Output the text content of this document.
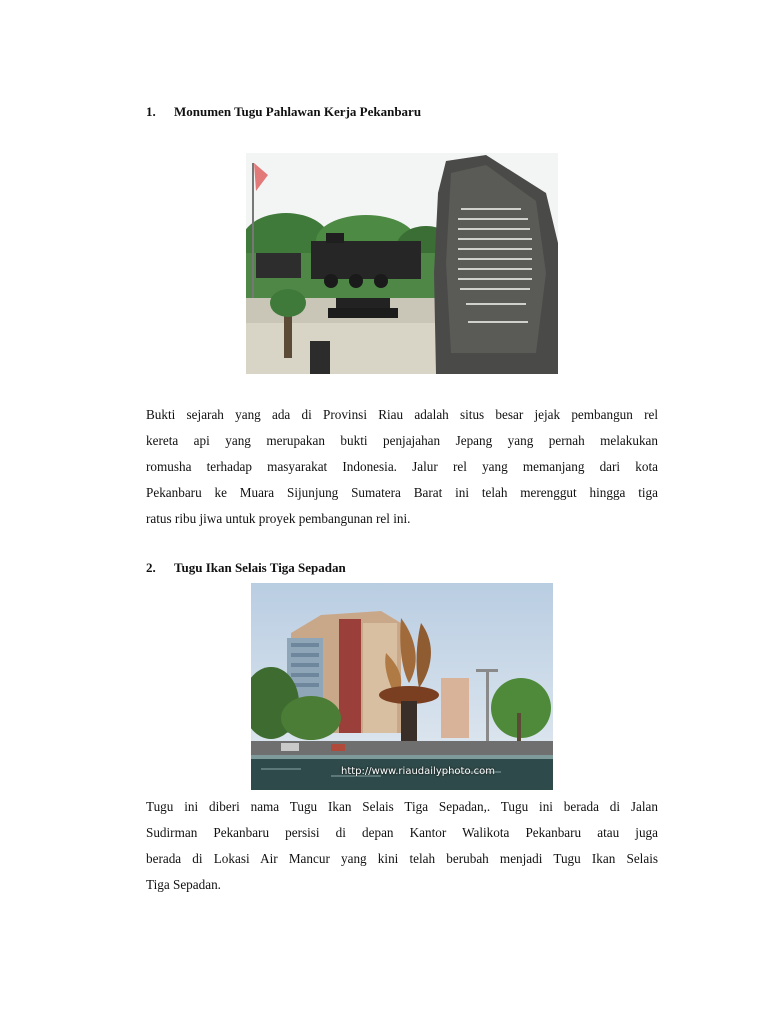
1. Monumen Tugu Pahlawan Kerja Pekanbaru
Bukti sejarah yang ada di Provinsi Riau adalah situs besar jejak pembangun rel
kereta api yang merupakan bukti penjajahan Jepang yang pernah melakukan
romusha terhadap masyarakat Indonesia. Jalur rel yang memanjang dari kota
Pekanbaru ke Muara Sijunjung Sumatera Barat ini telah merenggut hingga tiga
ratus ribu jiwa untuk proyek pembangunan rel ini.
2. Tugu Ikan Selais Tiga Sepadan
http://www.riaudailyphoto.com
Tugu ini diberi nama Tugu Ikan Selais Tiga Sepadan,. Tugu ini berada di Jalan
Sudirman Pekanbaru persisi di depan Kantor Walikota Pekanbaru atau juga
berada di Lokasi Air Mancur yang kini telah berubah menjadi Tugu Ikan Selais
Tiga Sepadan.
